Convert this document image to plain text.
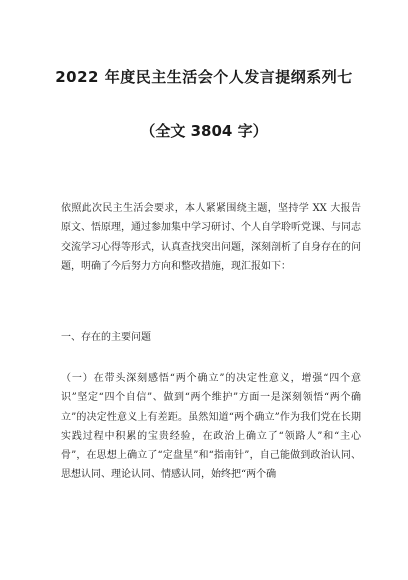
2022 年度民主生活会个人发言提纲系列七
（全文 3804 字）
依照此次民主生活会要求，本人紧紧围绕主题，坚持学 XX 大报告原文、悟原理，通过参加集中学习研讨、个人自学聆听党课、与同志交流学习心得等形式，认真查找突出问题，深刻剖析了自身存在的问题，明确了今后努力方向和整改措施，现汇报如下：
一、存在的主要问题
（一）在带头深刻感悟“两个确立”的决定性意义，增强“四个意识”坚定“四个自信”、做到“两个维护”方面一是深刻领悟“两个确立”的决定性意义上有差距。虽然知道“两个确立”作为我们党在长期实践过程中积累的宝贵经验，在政治上确立了“领路人”和“主心骨”，在思想上确立了“定盘星”和“指南针”，自己能做到政治认同、思想认同、理论认同、情感认同，始终把“两个确
